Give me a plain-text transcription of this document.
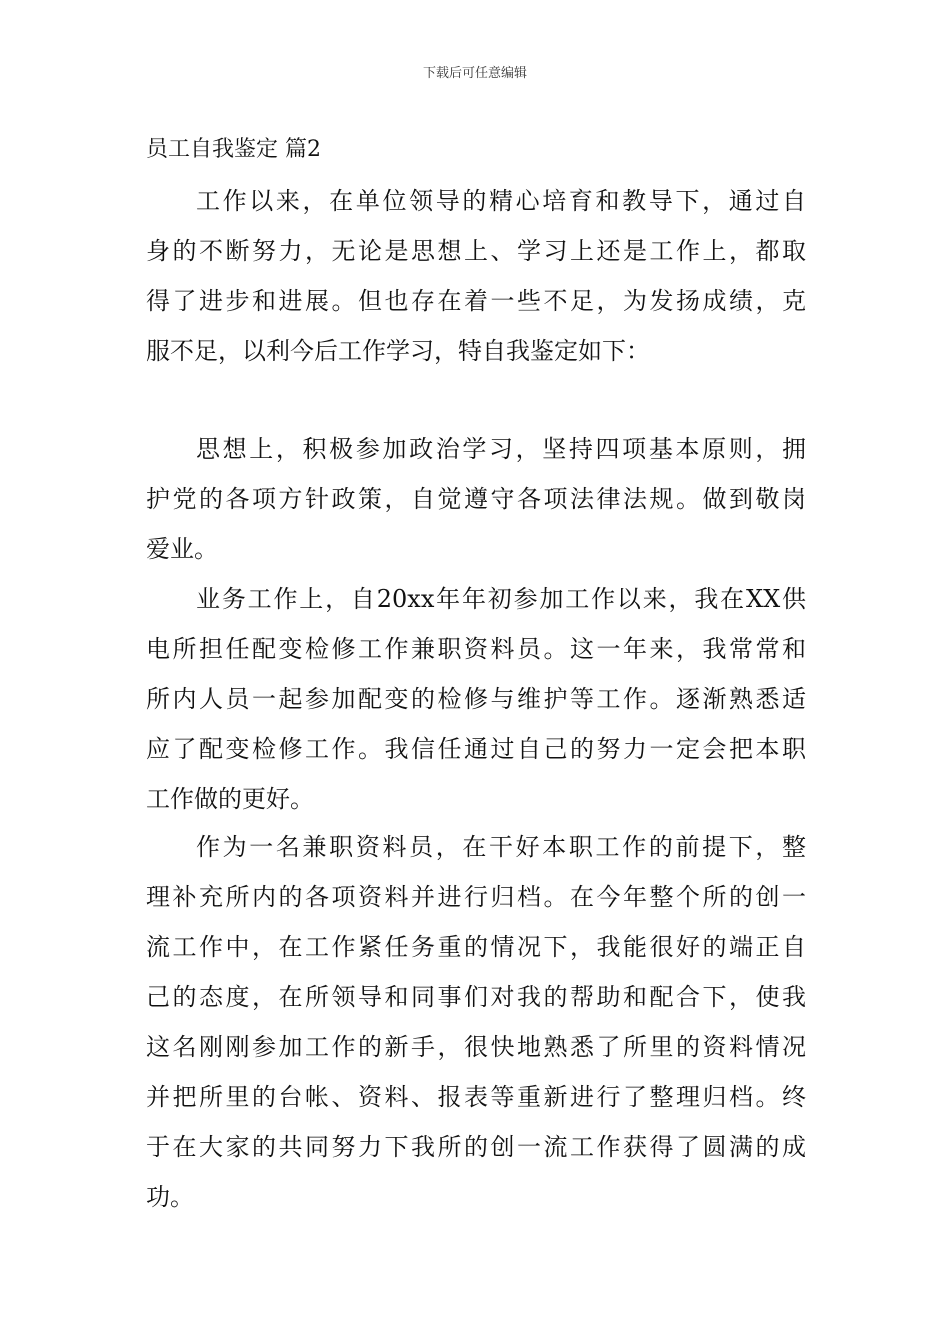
下载后可任意编辑
员工自我鉴定 篇2
工作以来，在单位领导的精心培育和教导下，通过自
身的不断努力，无论是思想上、学习上还是工作上，都取
得了进步和进展。但也存在着一些不足，为发扬成绩，克
服不足，以利今后工作学习，特自我鉴定如下：
思想上，积极参加政治学习，坚持四项基本原则，拥
护党的各项方针政策，自觉遵守各项法律法规。做到敬岗
爱业。
业务工作上，自20xx年年初参加工作以来，我在XX供
电所担任配变检修工作兼职资料员。这一年来，我常常和
所内人员一起参加配变的检修与维护等工作。逐渐熟悉适
应了配变检修工作。我信任通过自己的努力一定会把本职
工作做的更好。
作为一名兼职资料员，在干好本职工作的前提下，整
理补充所内的各项资料并进行归档。在今年整个所的创一
流工作中，在工作紧任务重的情况下，我能很好的端正自
己的态度，在所领导和同事们对我的帮助和配合下，使我
这名刚刚参加工作的新手，很快地熟悉了所里的资料情况
并把所里的台帐、资料、报表等重新进行了整理归档。终
于在大家的共同努力下我所的创一流工作获得了圆满的成
功。
